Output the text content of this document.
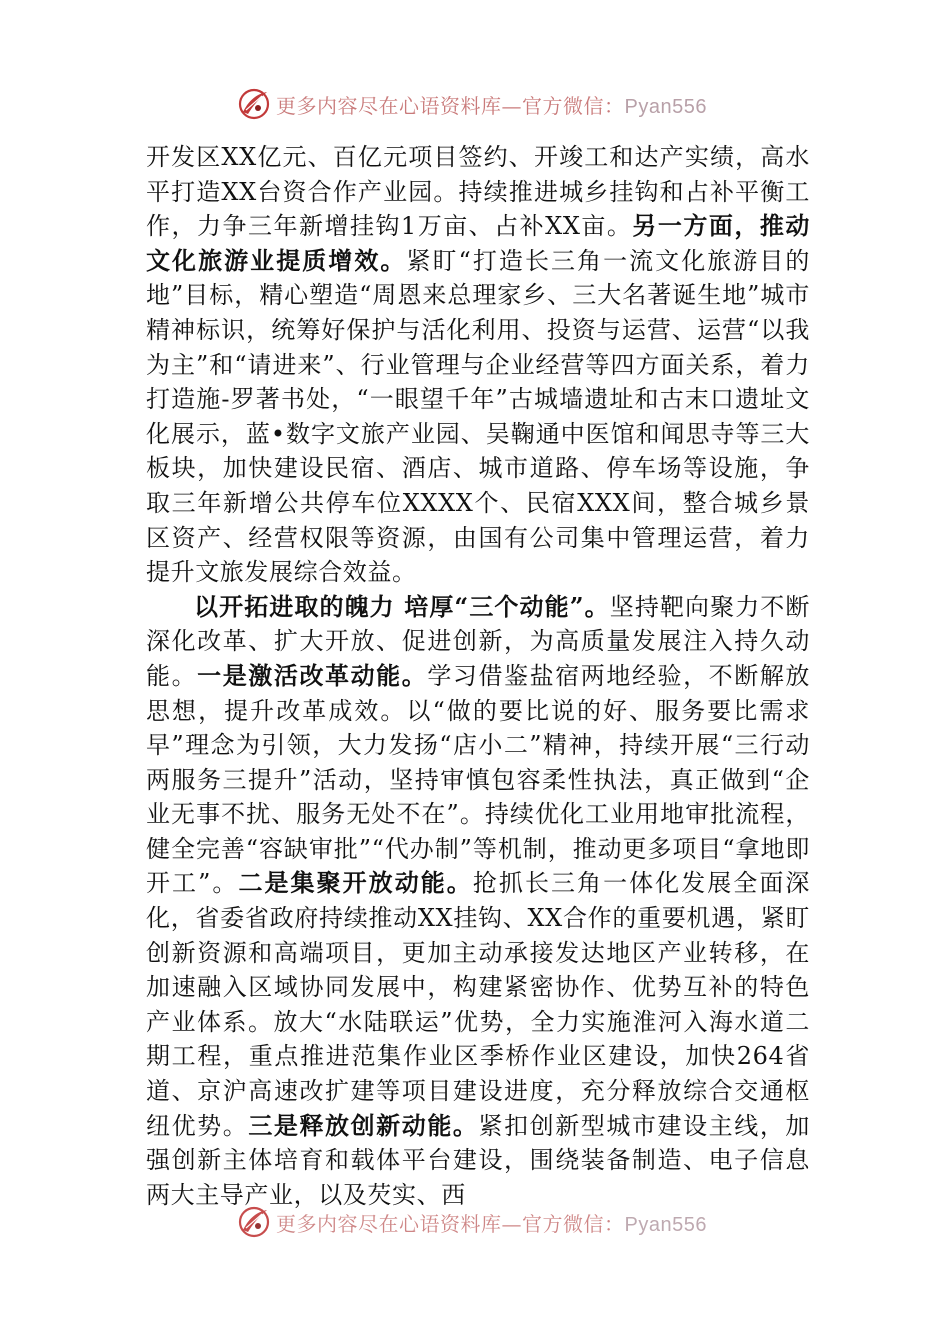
更多内容尽在心语资料库—官方微信：Pyan556

开发区XX亿元、百亿元项目签约、开竣工和达产实绩，高水平打造XX台资合作产业园。持续推进城乡挂钩和占补平衡工作，力争三年新增挂钩1万亩、占补XX亩。另一方面，推动文化旅游业提质增效。紧盯“打造长三角一流文化旅游目的地”目标，精心塑造“周恩来总理家乡、三大名著诞生地”城市精神标识，统筹好保护与活化利用、投资与运营、运营“以我为主”和“请进来”、行业管理与企业经营等四方面关系，着力打造施-罗著书处，“一眼望千年”古城墙遗址和古末口遗址文化展示，蓝•数字文旅产业园、吴鞠通中医馆和闻思寺等三大板块，加快建设民宿、酒店、城市道路、停车场等设施，争取三年新增公共停车位XXXX个、民宿XXX间，整合城乡景区资产、经营权限等资源，由国有公司集中管理运营，着力提升文旅发展综合效益。

以开拓进取的魄力 培厚“三个动能”。坚持靶向聚力不断深化改革、扩大开放、促进创新，为高质量发展注入持久动能。一是激活改革动能。学习借鉴盐宿两地经验，不断解放思想，提升改革成效。以“做的要比说的好、服务要比需求早”理念为引领，大力发扬“店小二”精神，持续开展“三行动两服务三提升”活动，坚持审慎包容柔性执法，真正做到“企业无事不扰、服务无处不在”。持续优化工业用地审批流程，健全完善“容缺审批”“代办制”等机制，推动更多项目“拿地即开工”。二是集聚开放动能。抢抓长三角一体化发展全面深化，省委省政府持续推动XX挂钩、XX合作的重要机遇，紧盯创新资源和高端项目，更加主动承接发达地区产业转移，在加速融入区域协同发展中，构建紧密协作、优势互补的特色产业体系。放大“水陆联运”优势，全力实施淮河入海水道二期工程，重点推进范集作业区季桥作业区建设，加快264省道、京沪高速改扩建等项目建设进度，充分释放综合交通枢纽优势。三是释放创新动能。紧扣创新型城市建设主线，加强创新主体培育和载体平台建设，围绕装备制造、电子信息两大主导产业，以及芡实、西

更多内容尽在心语资料库—官方微信：Pyan556
